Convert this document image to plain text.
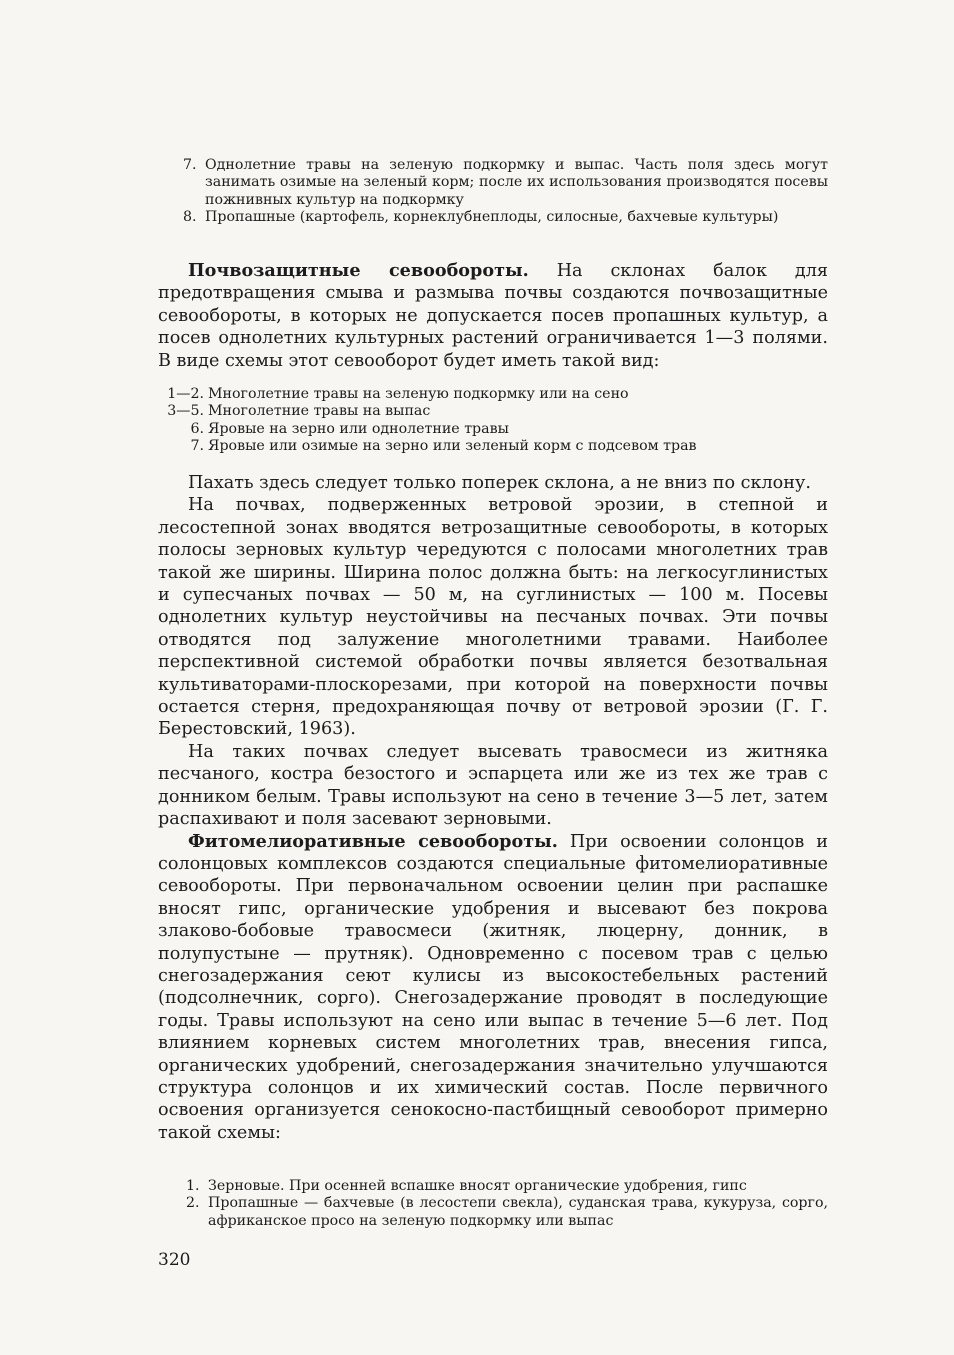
7. Однолетние травы на зеленую подкормку и выпас. Часть поля здесь могут занимать озимые на зеленый корм; после их использования производятся посевы пожнивных культур на подкормку
8. Пропашные (картофель, корнеклубнеплоды, силосные, бахчевые культуры)
Почвозащитные севообороты. На склонах балок для предотвращения смыва и размыва почвы создаются почвозащитные севообороты, в которых не допускается посев пропашных культур, а посев однолетних культурных растений ограничивается 1—3 полями. В виде схемы этот севооборот будет иметь такой вид:
1—2. Многолетние травы на зеленую подкормку или на сено
3—5. Многолетние травы на выпас
6. Яровые на зерно или однолетние травы
7. Яровые или озимые на зерно или зеленый корм с подсевом трав
Пахать здесь следует только поперек склона, а не вниз по склону.
На почвах, подверженных ветровой эрозии, в степной и лесостепной зонах вводятся ветрозащитные севообороты, в которых полосы зерновых культур чередуются с полосами многолетних трав такой же ширины. Ширина полос должна быть: на легкосуглинистых и супесчаных почвах — 50 м, на суглинистых — 100 м. Посевы однолетних культур неустойчивы на песчаных почвах. Эти почвы отводятся под залужение многолетними травами. Наиболее перспективной системой обработки почвы является безотвальная культиваторами-плоскорезами, при которой на поверхности почвы остается стерня, предохраняющая почву от ветровой эрозии (Г. Г. Берестовский, 1963).
На таких почвах следует высевать травосмеси из житняка песчаного, костра безостого и эспарцета или же из тех же трав с донником белым. Травы используют на сено в течение 3—5 лет, затем распахивают и поля засевают зерновыми.
Фитомелиоративные севообороты. При освоении солонцов и солонцовых комплексов создаются специальные фитомелиоративные севообороты. При первоначальном освоении целин при распашке вносят гипс, органические удобрения и высевают без покрова злаково-бобовые травосмеси (житняк, люцерну, донник, в полупустыне — прутняк). Одновременно с посевом трав с целью снегозадержания сеют кулисы из высокостебельных растений (подсолнечник, сорго). Снегозадержание проводят в последующие годы. Травы используют на сено или выпас в течение 5—6 лет. Под влиянием корневых систем многолетних трав, внесения гипса, органических удобрений, снегозадержания значительно улучшаются структура солонцов и их химический состав. После первичного освоения организуется сенокосно-пастбищный севооборот примерно такой схемы:
1. Зерновые. При осенней вспашке вносят органические удобрения, гипс
2. Пропашные — бахчевые (в лесостепи свекла), суданская трава, кукуруза, сорго, африканское просо на зеленую подкормку или выпас
320
